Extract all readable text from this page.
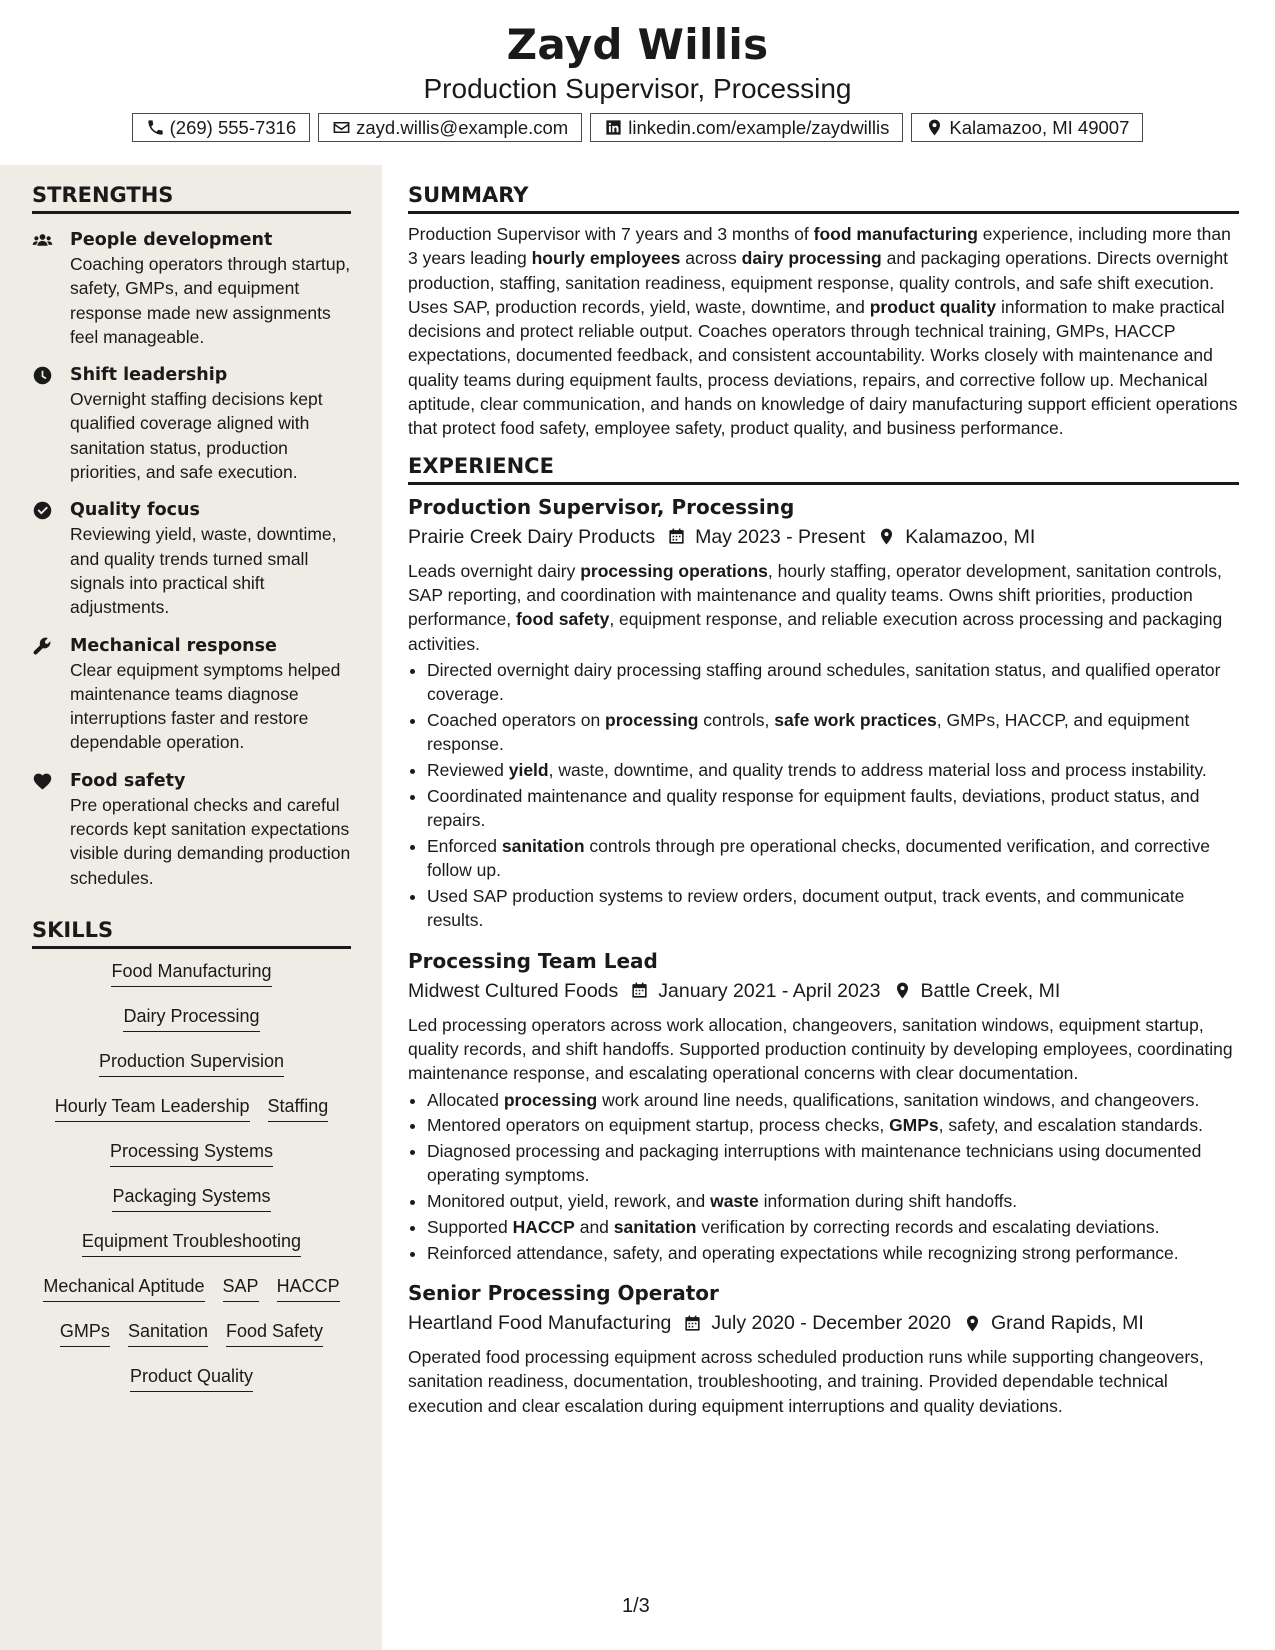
Zayd Willis
Production Supervisor, Processing
(269) 555-7316	zayd.willis@example.com	linkedin.com/example/zaydwillis	Kalamazoo, MI 49007
STRENGTHS
People development
Coaching operators through startup, safety, GMPs, and equipment response made new assignments feel manageable.
Shift leadership
Overnight staffing decisions kept qualified coverage aligned with sanitation status, production priorities, and safe execution.
Quality focus
Reviewing yield, waste, downtime, and quality trends turned small signals into practical shift adjustments.
Mechanical response
Clear equipment symptoms helped maintenance teams diagnose interruptions faster and restore dependable operation.
Food safety
Pre operational checks and careful records kept sanitation expectations visible during demanding production schedules.
SKILLS
Food Manufacturing
Dairy Processing
Production Supervision
Hourly Team Leadership Staffing
Processing Systems
Packaging Systems
Equipment Troubleshooting
Mechanical Aptitude SAP HACCP
GMPs Sanitation Food Safety
Product Quality
SUMMARY
Production Supervisor with 7 years and 3 months of food manufacturing experience, including more than 3 years leading hourly employees across dairy processing and packaging operations. Directs overnight production, staffing, sanitation readiness, equipment response, quality controls, and safe shift execution. Uses SAP, production records, yield, waste, downtime, and product quality information to make practical decisions and protect reliable output. Coaches operators through technical training, GMPs, HACCP expectations, documented feedback, and consistent accountability. Works closely with maintenance and quality teams during equipment faults, process deviations, repairs, and corrective follow up. Mechanical aptitude, clear communication, and hands on knowledge of dairy manufacturing support efficient operations that protect food safety, employee safety, product quality, and business performance.
EXPERIENCE
Production Supervisor, Processing
Prairie Creek Dairy Products May 2023 - Present Kalamazoo, MI
Leads overnight dairy processing operations, hourly staffing, operator development, sanitation controls, SAP reporting, and coordination with maintenance and quality teams. Owns shift priorities, production performance, food safety, equipment response, and reliable execution across processing and packaging activities.
• Directed overnight dairy processing staffing around schedules, sanitation status, and qualified operator coverage.
• Coached operators on processing controls, safe work practices, GMPs, HACCP, and equipment response.
• Reviewed yield, waste, downtime, and quality trends to address material loss and process instability.
• Coordinated maintenance and quality response for equipment faults, deviations, product status, and repairs.
• Enforced sanitation controls through pre operational checks, documented verification, and corrective follow up.
• Used SAP production systems to review orders, document output, track events, and communicate results.
Processing Team Lead
Midwest Cultured Foods January 2021 - April 2023 Battle Creek, MI
Led processing operators across work allocation, changeovers, sanitation windows, equipment startup, quality records, and shift handoffs. Supported production continuity by developing employees, coordinating maintenance response, and escalating operational concerns with clear documentation.
• Allocated processing work around line needs, qualifications, sanitation windows, and changeovers.
• Mentored operators on equipment startup, process checks, GMPs, safety, and escalation standards.
• Diagnosed processing and packaging interruptions with maintenance technicians using documented operating symptoms.
• Monitored output, yield, rework, and waste information during shift handoffs.
• Supported HACCP and sanitation verification by correcting records and escalating deviations.
• Reinforced attendance, safety, and operating expectations while recognizing strong performance.
Senior Processing Operator
Heartland Food Manufacturing July 2020 - December 2020 Grand Rapids, MI
Operated food processing equipment across scheduled production runs while supporting changeovers, sanitation readiness, documentation, troubleshooting, and training. Provided dependable technical execution and clear escalation during equipment interruptions and quality deviations.
1/3
